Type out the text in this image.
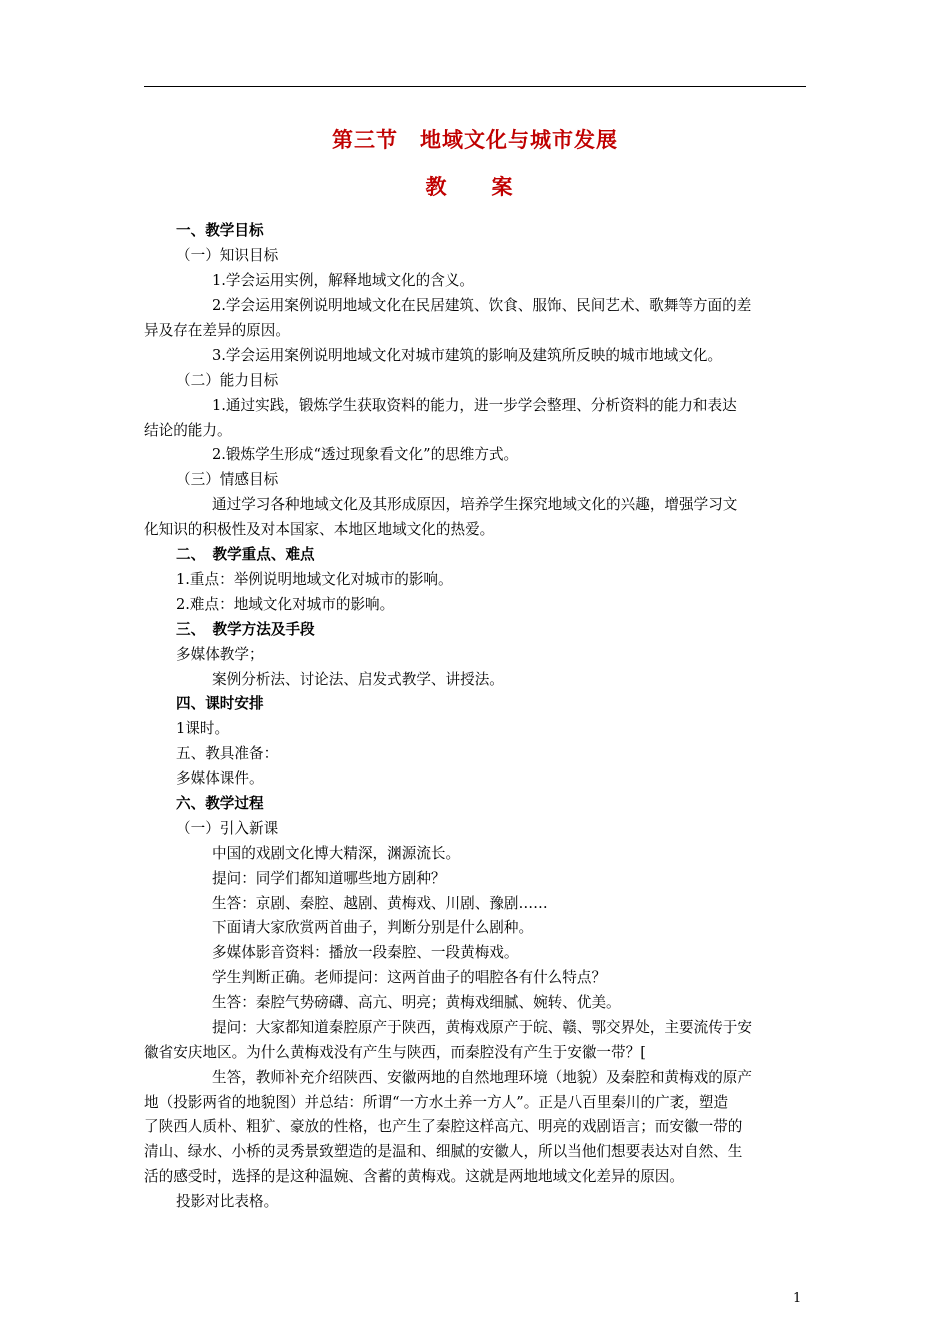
第三节　地域文化与城市发展
教　案
一、教学目标
（一）知识目标
1.学会运用实例，解释地域文化的含义。
2.学会运用案例说明地域文化在民居建筑、饮食、服饰、民间艺术、歌舞等方面的差
异及存在差异的原因。
3.学会运用案例说明地域文化对城市建筑的影响及建筑所反映的城市地域文化。
（二）能力目标
1.通过实践，锻炼学生获取资料的能力，进一步学会整理、分析资料的能力和表达
结论的能力。
2.锻炼学生形成“透过现象看文化”的思维方式。
（三）情感目标
通过学习各种地域文化及其形成原因，培养学生探究地域文化的兴趣，增强学习文
化知识的积极性及对本国家、本地区地域文化的热爱。
二、　教学重点、难点
1.重点：举例说明地域文化对城市的影响。
2.难点：地域文化对城市的影响。
三、　教学方法及手段
多媒体教学；
案例分析法、讨论法、启发式教学、讲授法。
四、课时安排
1课时。
五、教具准备：
多媒体课件。
六、教学过程
（一）引入新课
中国的戏剧文化博大精深，渊源流长。
提问：同学们都知道哪些地方剧种？
生答：京剧、秦腔、越剧、黄梅戏、川剧、豫剧……
下面请大家欣赏两首曲子，判断分别是什么剧种。
多媒体影音资料：播放一段秦腔、一段黄梅戏。
学生判断正确。老师提问：这两首曲子的唱腔各有什么特点？
生答：秦腔气势磅礴、高亢、明亮；黄梅戏细腻、婉转、优美。
提问：大家都知道秦腔原产于陕西，黄梅戏原产于皖、赣、鄂交界处，主要流传于安
徽省安庆地区。为什么黄梅戏没有产生与陕西，而秦腔没有产生于安徽一带？[
生答，教师补充介绍陕西、安徽两地的自然地理环境（地貌）及秦腔和黄梅戏的原产
地（投影两省的地貌图）并总结：所谓“一方水土养一方人”。正是八百里秦川的广袤，塑造
了陕西人质朴、粗犷、豪放的性格，也产生了秦腔这样高亢、明亮的戏剧语言；而安徽一带的
清山、绿水、小桥的灵秀景致塑造的是温和、细腻的安徽人，所以当他们想要表达对自然、生
活的感受时，选择的是这种温婉、含蓄的黄梅戏。这就是两地地域文化差异的原因。
投影对比表格。
1
